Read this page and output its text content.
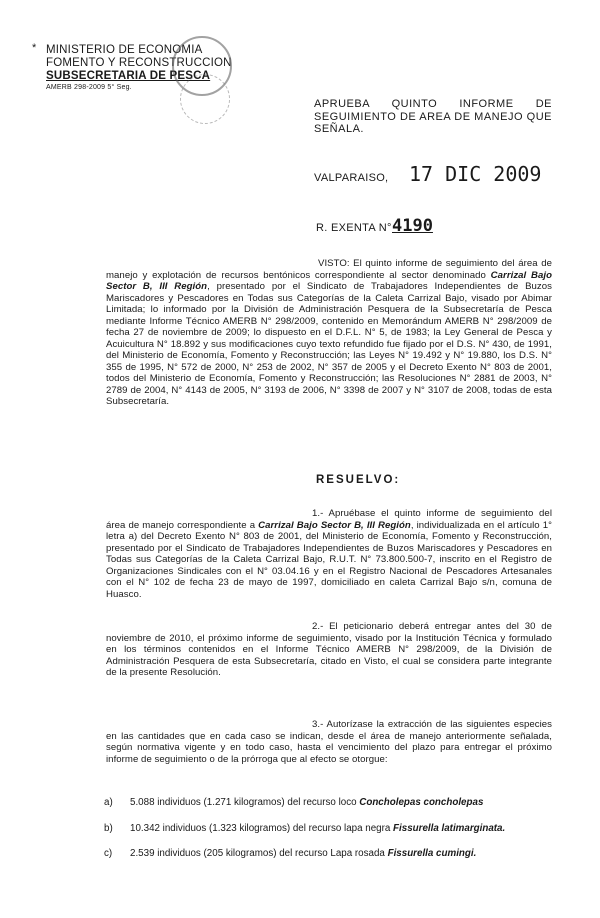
* MINISTERIO DE ECONOMIA
FOMENTO Y RECONSTRUCCION
SUBSECRETARIA DE PESCA
AMERB 298-2009 5° Seg.
APRUEBA QUINTO INFORME DE SEGUIMIENTO DE AREA DE MANEJO QUE SEÑALA.
VALPARAISO, 17 DIC 2009
R. EXENTA N° 4190
VISTO: El quinto informe de seguimiento del área de manejo y explotación de recursos bentónicos correspondiente al sector denominado Carrizal Bajo Sector B, III Región, presentado por el Sindicato de Trabajadores Independientes de Buzos Mariscadores y Pescadores en Todas sus Categorías de la Caleta Carrizal Bajo, visado por Abimar Limitada; lo informado por la División de Administración Pesquera de la Subsecretaría de Pesca mediante Informe Técnico AMERB N° 298/2009, contenido en Memorándum AMERB N° 298/2009 de fecha 27 de noviembre de 2009; lo dispuesto en el D.F.L. N° 5, de 1983; la Ley General de Pesca y Acuicultura N° 18.892 y sus modificaciones cuyo texto refundido fue fijado por el D.S. N° 430, de 1991, del Ministerio de Economía, Fomento y Reconstrucción; las Leyes N° 19.492 y N° 19.880, los D.S. N° 355 de 1995, N° 572 de 2000, N° 253 de 2002, N° 357 de 2005 y el Decreto Exento N° 803 de 2001, todos del Ministerio de Economía, Fomento y Reconstrucción; las Resoluciones N° 2881 de 2003, N° 2789 de 2004, N° 4143 de 2005, N° 3193 de 2006, N° 3398 de 2007 y N° 3107 de 2008, todas de esta Subsecretaría.
RESUELVO:
1.- Apruébase el quinto informe de seguimiento del área de manejo correspondiente a Carrizal Bajo Sector B, III Región, individualizada en el artículo 1° letra a) del Decreto Exento N° 803 de 2001, del Ministerio de Economía, Fomento y Reconstrucción, presentado por el Sindicato de Trabajadores Independientes de Buzos Mariscadores y Pescadores en Todas sus Categorías de la Caleta Carrizal Bajo, R.U.T. N° 73.800.500-7, inscrito en el Registro de Organizaciones Sindicales con el N° 03.04.16 y en el Registro Nacional de Pescadores Artesanales con el N° 102 de fecha 23 de mayo de 1997, domiciliado en caleta Carrizal Bajo s/n, comuna de Huasco.
2.- El peticionario deberá entregar antes del 30 de noviembre de 2010, el próximo informe de seguimiento, visado por la Institución Técnica y formulado en los términos contenidos en el Informe Técnico AMERB N° 298/2009, de la División de Administración Pesquera de esta Subsecretaría, citado en Visto, el cual se considera parte integrante de la presente Resolución.
3.- Autorízase la extracción de las siguientes especies en las cantidades que en cada caso se indican, desde el área de manejo anteriormente señalada, según normativa vigente y en todo caso, hasta el vencimiento del plazo para entregar el próximo informe de seguimiento o de la prórroga que al efecto se otorgue:
a) 5.088 individuos (1.271 kilogramos) del recurso loco Concholepas concholepas
b) 10.342 individuos (1.323 kilogramos) del recurso lapa negra Fissurella latimarginata.
c) 2.539 individuos (205 kilogramos) del recurso Lapa rosada Fissurella cumingi.
